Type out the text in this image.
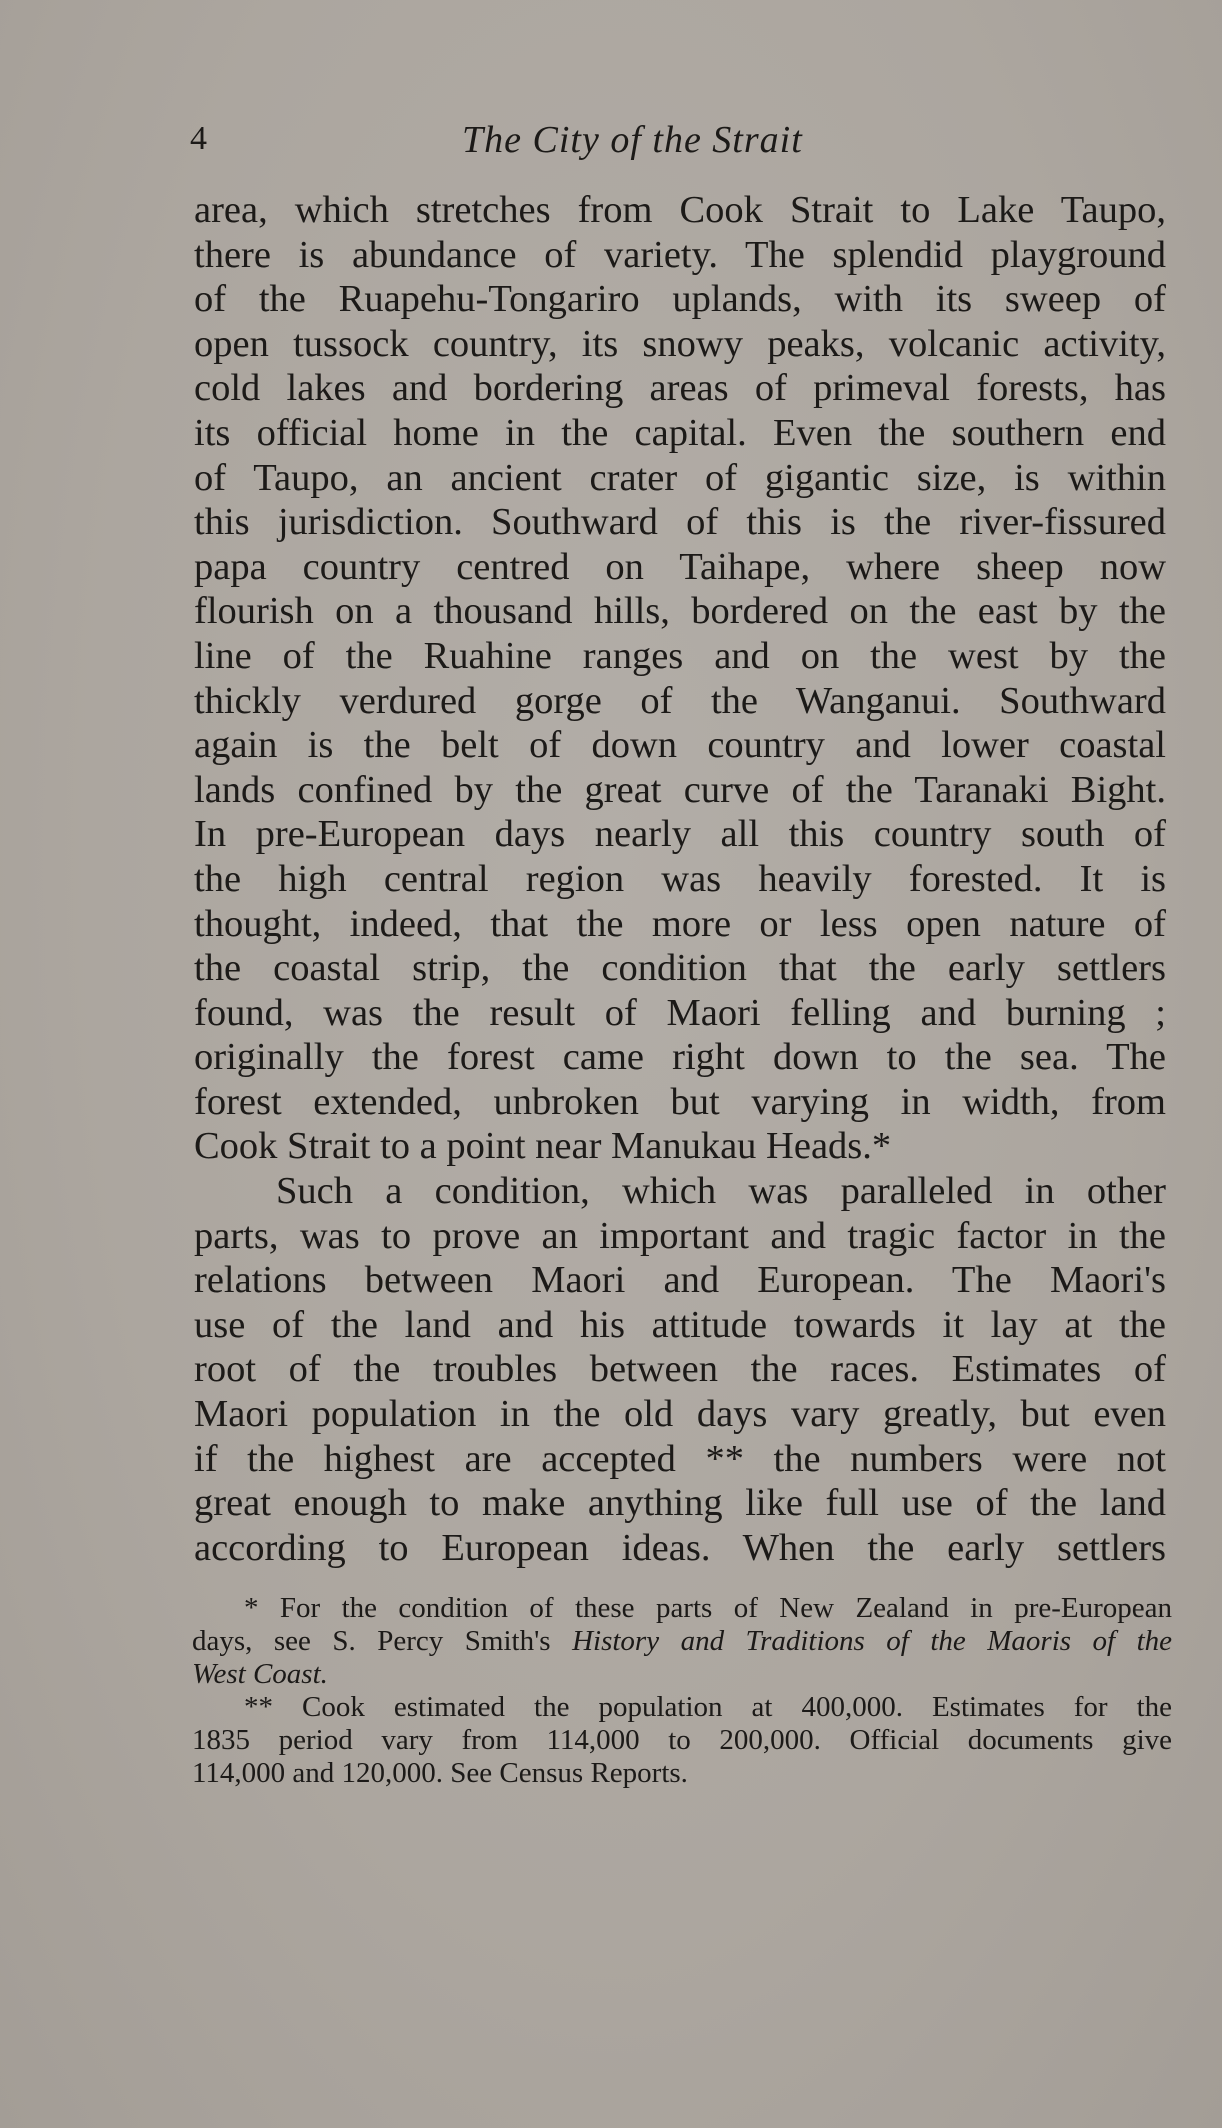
4	The City of the Strait
area, which stretches from Cook Strait to Lake Taupo,
there is abundance of variety. The splendid playground
of the Ruapehu-Tongariro uplands, with its sweep of
open tussock country, its snowy peaks, volcanic activity,
cold lakes and bordering areas of primeval forests, has
its official home in the capital. Even the southern end
of Taupo, an ancient crater of gigantic size, is within
this jurisdiction. Southward of this is the river-fissured
papa country centred on Taihape, where sheep now
flourish on a thousand hills, bordered on the east by the
line of the Ruahine ranges and on the west by the
thickly verdured gorge of the Wanganui. Southward
again is the belt of down country and lower coastal
lands confined by the great curve of the Taranaki Bight.
In pre-European days nearly all this country south of
the high central region was heavily forested. It is
thought, indeed, that the more or less open nature of
the coastal strip, the condition that the early settlers
found, was the result of Maori felling and burning ;
originally the forest came right down to the sea. The
forest extended, unbroken but varying in width, from
Cook Strait to a point near Manukau Heads.*
Such a condition, which was paralleled in other
parts, was to prove an important and tragic factor in the
relations between Maori and European. The Maori's
use of the land and his attitude towards it lay at the
root of the troubles between the races. Estimates of
Maori population in the old days vary greatly, but even
if the highest are accepted ** the numbers were not
great enough to make anything like full use of the land
according to European ideas. When the early settlers
* For the condition of these parts of New Zealand in pre-European
days, see S. Percy Smith's History and Traditions of the Maoris of the
West Coast.
** Cook estimated the population at 400,000. Estimates for the
1835 period vary from 114,000 to 200,000. Official documents give
114,000 and 120,000. See Census Reports.
